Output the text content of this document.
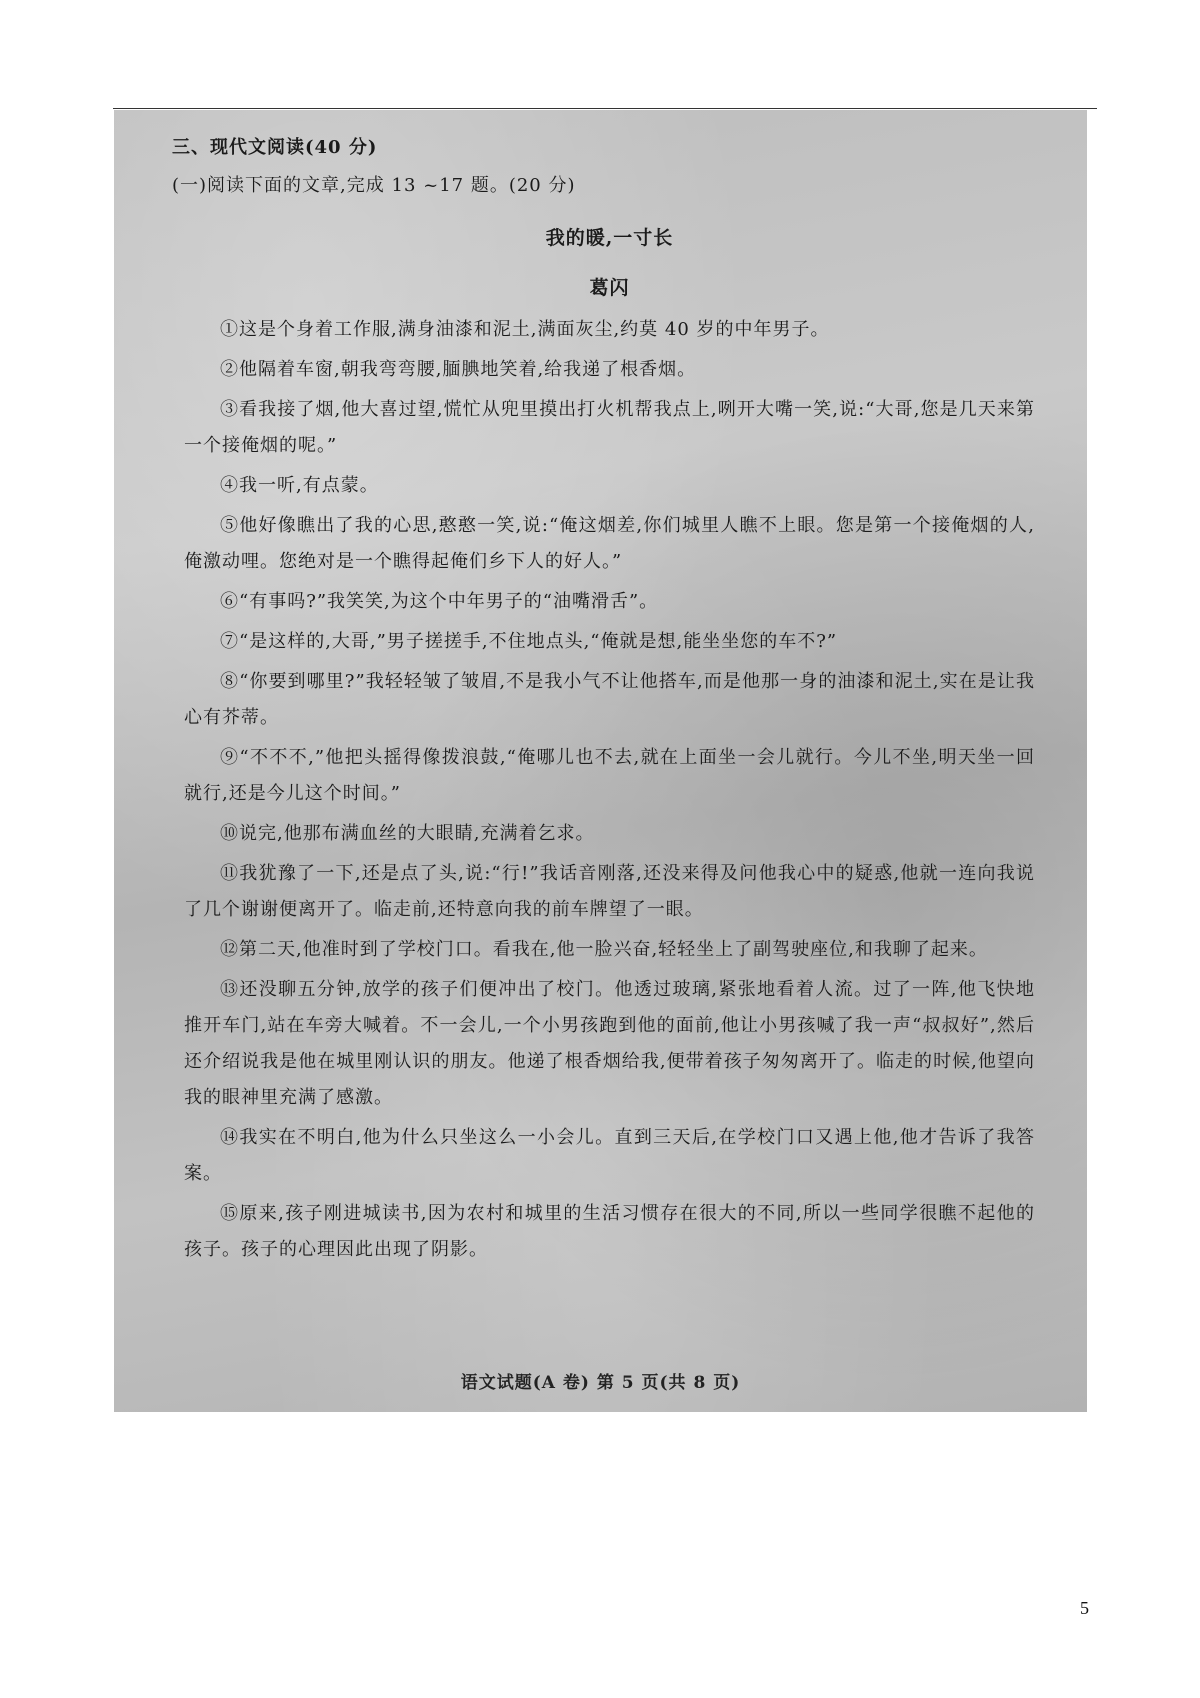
三、现代文阅读(40 分)

(一)阅读下面的文章,完成 13 ~17 题。(20 分)

我的暖,一寸长

葛闪

①这是个身着工作服,满身油漆和泥土,满面灰尘,约莫 40 岁的中年男子。

②他隔着车窗,朝我弯弯腰,腼腆地笑着,给我递了根香烟。

③看我接了烟,他大喜过望,慌忙从兜里摸出打火机帮我点上,咧开大嘴一笑,说:“大哥,您是几天来第一个接俺烟的呢。”

④我一听,有点蒙。

⑤他好像瞧出了我的心思,憨憨一笑,说:“俺这烟差,你们城里人瞧不上眼。您是第一个接俺烟的人,俺激动哩。您绝对是一个瞧得起俺们乡下人的好人。”

⑥“有事吗?”我笑笑,为这个中年男子的“油嘴滑舌”。

⑦“是这样的,大哥,”男子搓搓手,不住地点头,“俺就是想,能坐坐您的车不?”

⑧“你要到哪里?”我轻轻皱了皱眉,不是我小气不让他搭车,而是他那一身的油漆和泥土,实在是让我心有芥蒂。

⑨“不不不,”他把头摇得像拨浪鼓,“俺哪儿也不去,就在上面坐一会儿就行。今儿不坐,明天坐一回就行,还是今儿这个时间。”

⑩说完,他那布满血丝的大眼睛,充满着乞求。

⑪我犹豫了一下,还是点了头,说:“行!”我话音刚落,还没来得及问他我心中的疑惑,他就一连向我说了几个谢谢便离开了。临走前,还特意向我的前车牌望了一眼。

⑫第二天,他准时到了学校门口。看我在,他一脸兴奋,轻轻坐上了副驾驶座位,和我聊了起来。

⑬还没聊五分钟,放学的孩子们便冲出了校门。他透过玻璃,紧张地看着人流。过了一阵,他飞快地推开车门,站在车旁大喊着。不一会儿,一个小男孩跑到他的面前,他让小男孩喊了我一声“叔叔好”,然后还介绍说我是他在城里刚认识的朋友。他递了根香烟给我,便带着孩子匆匆离开了。临走的时候,他望向我的眼神里充满了感激。

⑭我实在不明白,他为什么只坐这么一小会儿。直到三天后,在学校门口又遇上他,他才告诉了我答案。

⑮原来,孩子刚进城读书,因为农村和城里的生活习惯存在很大的不同,所以一些同学很瞧不起他的孩子。孩子的心理因此出现了阴影。

语文试题(A 卷) 第 5 页(共 8 页)
5
